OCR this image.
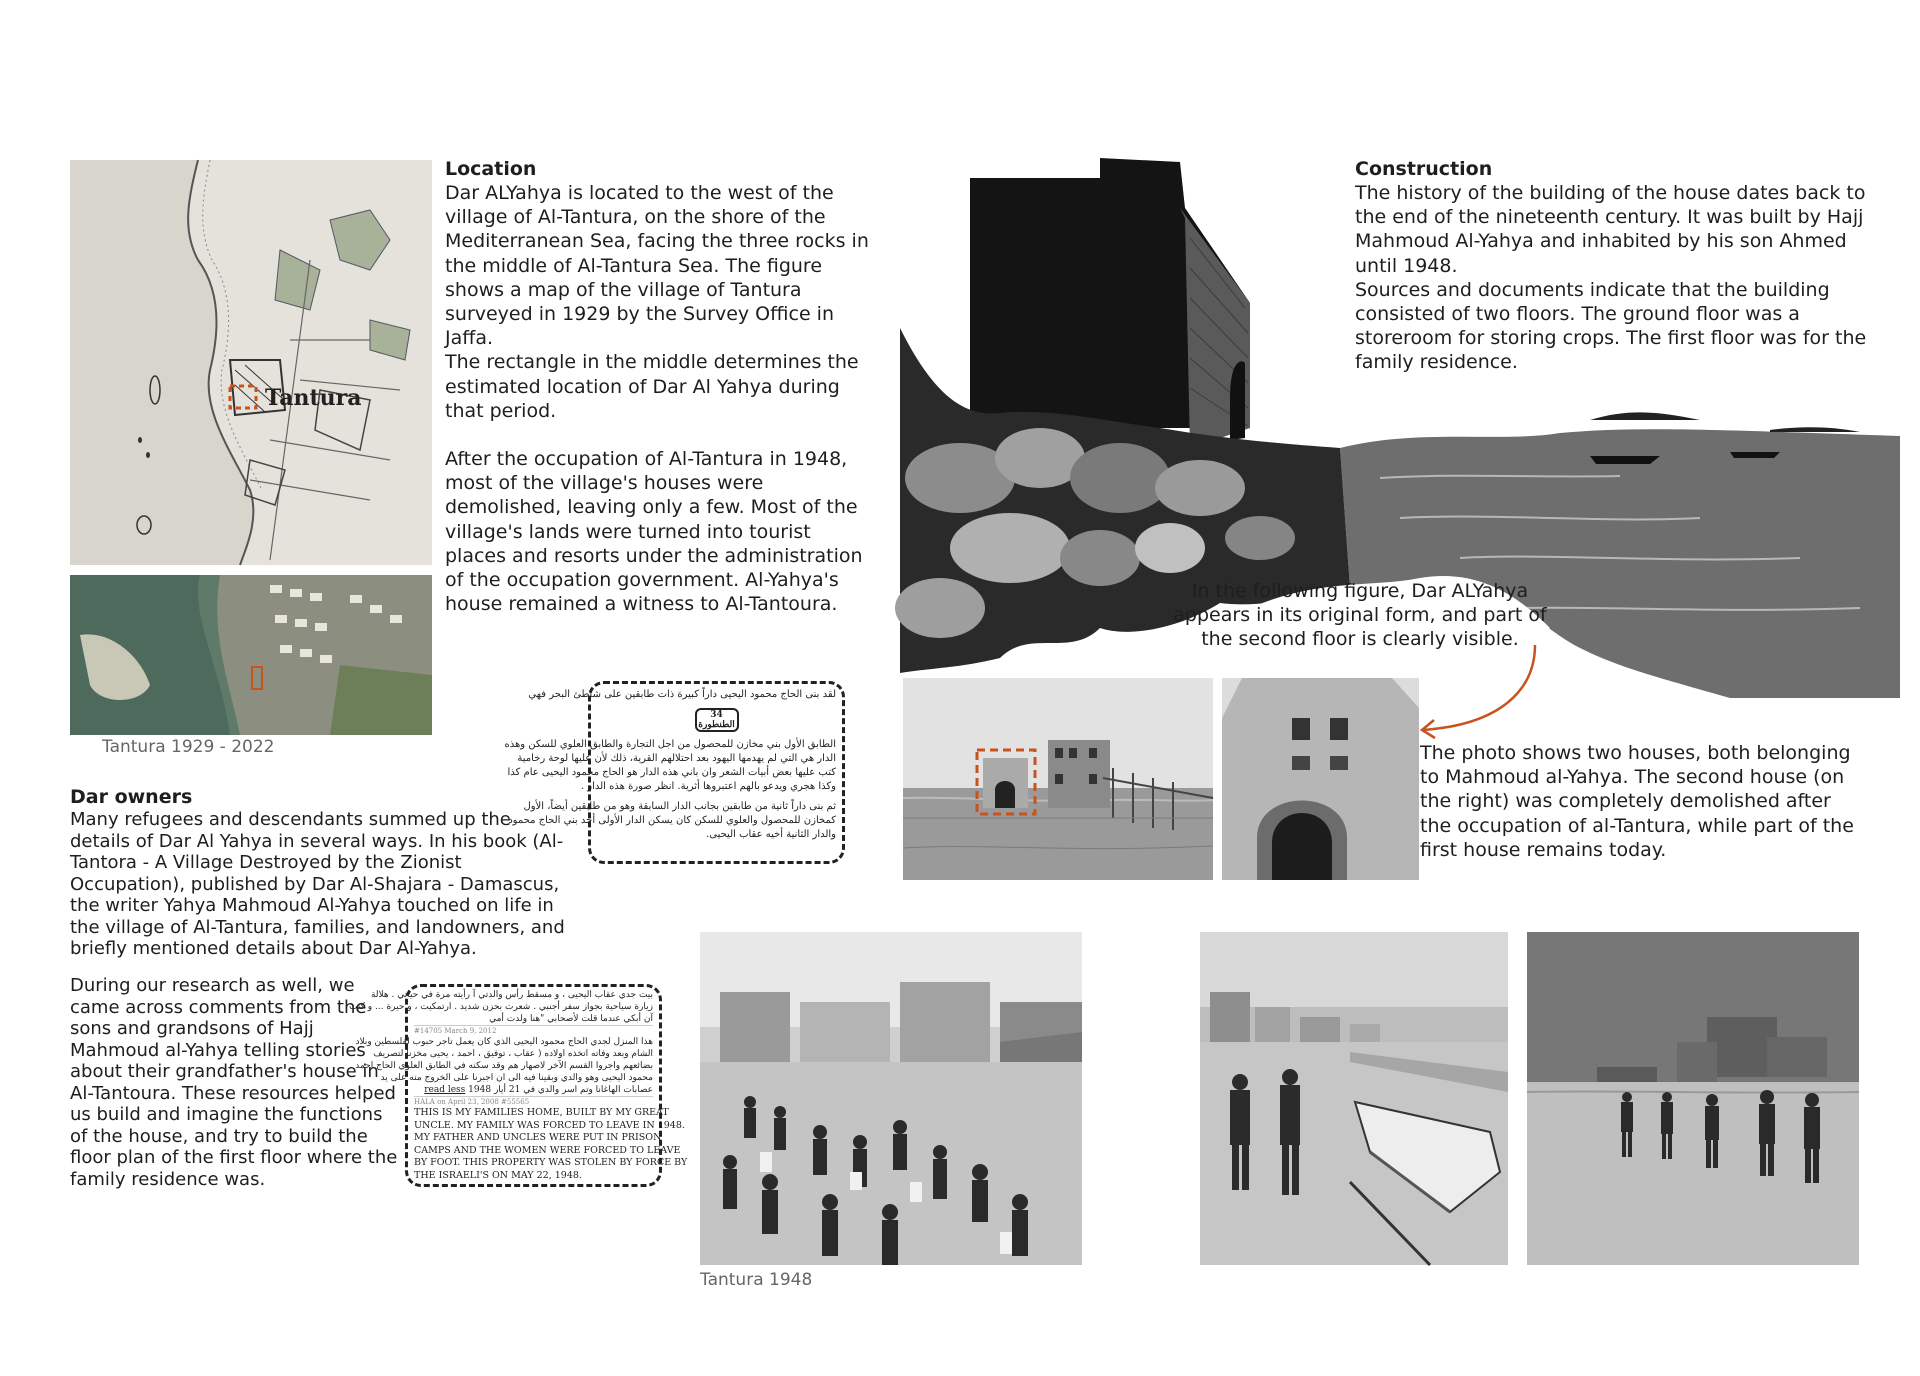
Tantura
Tantura 1929 - 2022

Location

Dar ALYahya is located to the west of the village of Al-Tantura, on the shore of the Mediterranean Sea, facing the three rocks in the middle of Al-Tantura Sea. The figure shows a map of the village of Tantura surveyed in 1929 by the Survey Office in Jaffa.

The rectangle in the middle determines the estimated location of Dar Al Yahya during that period.

After the occupation of Al-Tantura in 1948, most of the village's houses were demolished, leaving only a few. Most of the village's lands were turned into tourist places and resorts under the administration of the occupation government. Al-Yahya's house remained a witness to Al-Tantoura.

لقد بنى الحاج محمود اليحيى داراً كبيرة ذات طابقين على شاطئ البحر فهي
34
الطنطورة
الطابق الأول بني مخازن للمحصول من اجل التجارة والطابق العلوي للسكن وهذه
الدار هي التي لم يهدمها اليهود بعد احتلالهم القرية، ذلك لأن عليها لوحة رخامية
كتب عليها بعض أبيات الشعر وان باني هذه الدار هو الحاج محمود اليحيى عام كذا
وكذا هجري ويدعو بالهم اعتبروها أثرية. انظر صورة هذه الدار .
ثم بنى داراً ثانية من طابقين بجانب الدار السابقة وهو من طابقين أيضاً، الأول
كمخازن للمحصول والعلوي للسكن كان يسكن الدار الأولى أحد بني الحاج محمود
والدار الثانية أخيه عقاب اليحيى.

Dar owners

Many refugees and descendants summed up the details of Dar Al Yahya in several ways. In his book (Al-Tantora - A Village Destroyed by the Zionist Occupation), published by Dar Al-Shajara - Damascus, the writer Yahya Mahmoud Al-Yahya touched on life in the village of Al-Tantura, families, and landowners, and briefly mentioned details about Dar Al-Yahya.

During our research as well, we came across comments from the sons and grandsons of Hajj Mahmoud al-Yahya telling stories about their grandfather's house in Al-Tantoura. These resources helped us build and imagine the functions of the house, and try to build the floor plan of the first floor where the family residence was.

بيت جدي عقاب اليحيى ، و مسقط رأس والدتي آ رأيته مرة في حياتي . هلالة
زيارة سياحية بجواز سفر أجنبي . شعرت بحزن شديد . ارتمكيت ، و حيرة ... و كنت
آن أبكي عندما قلت لأصحابي "هنا ولدت أمي
#14705 March 9, 2012
هذا المنزل لجدي الحاج محمود اليحيى الذي كان يعمل تاجر حبوب لفلسطين وبلاد
الشام وبعد وفاته اتخذه اولاده ( عقاب ، توفيق ، احمد ، يحيى مخزنا لتصريف
بضائعهم واجروا القسم الآخر لاصهار هم وقد سكنه في الطابق العلوي الحاج احمد
محمود اليحيى وهو والدي وبقينا فيه الى ان اجبرنا على الخروج منه على يد
عصابات الهاغانا وتم اسر والدي في 21 أيار 1948 read less
HALA on April 23, 2008 #55565
THIS IS MY FAMILIES HOME, BUILT BY MY GREAT
UNCLE. MY FAMILY WAS FORCED TO LEAVE IN 1948.
MY FATHER AND UNCLES WERE PUT IN PRISON
CAMPS AND THE WOMEN WERE FORCED TO LEAVE
BY FOOT. THIS PROPERTY WAS STOLEN BY FORCE BY
THE ISRAELI'S ON MAY 22, 1948.

Construction

The history of the building of the house dates back to the end of the nineteenth century. It was built by Hajj Mahmoud Al-Yahya and inhabited by his son Ahmed until 1948.

Sources and documents indicate that the building consisted of two floors. The ground floor was a storeroom for storing crops. The first floor was for the family residence.

In the following figure, Dar ALYahya appears in its original form, and part of the second floor is clearly visible.
The photo shows two houses, both belonging to Mahmoud al-Yahya. The second house (on the right) was completely demolished after the occupation of al-Tantura, while part of the first house remains today.
Tantura 1948
